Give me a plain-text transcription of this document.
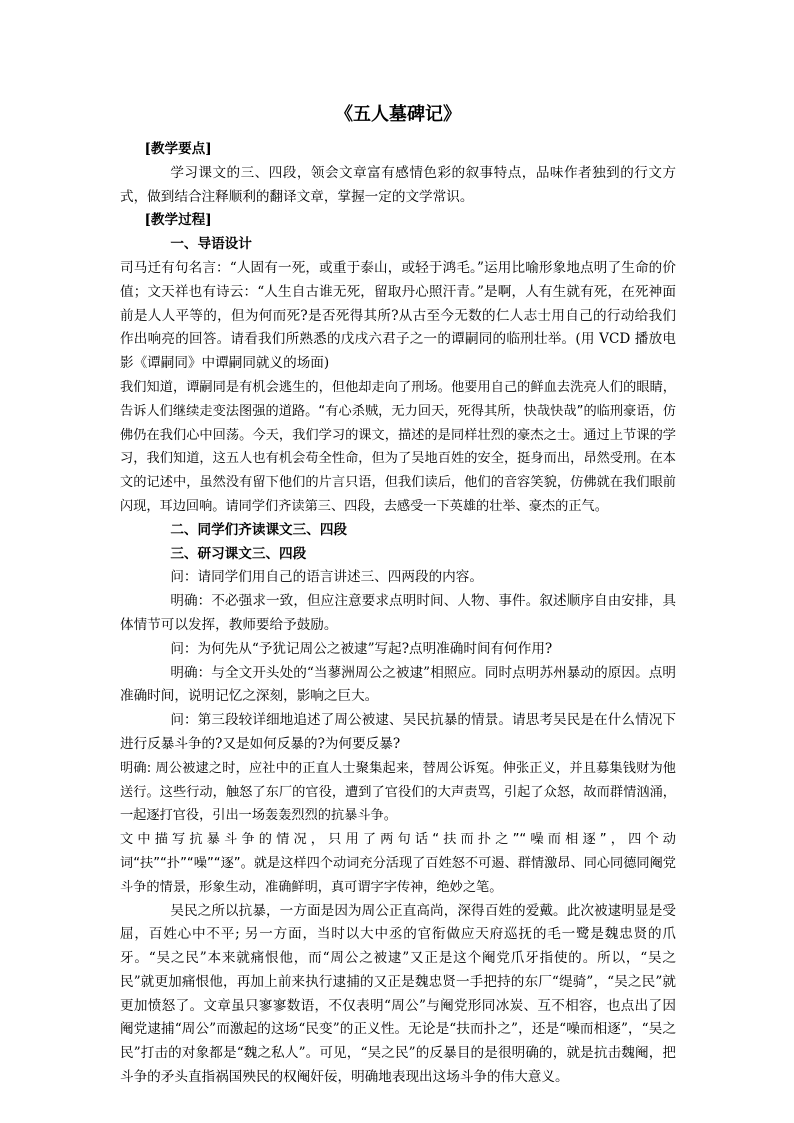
《五人墓碑记》

[教学要点]

学习课文的三、四段，领会文章富有感情色彩的叙事特点，品味作者独到的行文方式，做到结合注释顺利的翻译文章，掌握一定的文学常识。

[教学过程]

一、导语设计

司马迁有句名言：“人固有一死，或重于泰山，或轻于鸿毛。”运用比喻形象地点明了生命的价值；文天祥也有诗云：“人生自古谁无死，留取丹心照汗青。”是啊，人有生就有死，在死神面前是人人平等的，但为何而死?是否死得其所?从古至今无数的仁人志士用自己的行动给我们作出响亮的回答。请看我们所熟悉的戊戌六君子之一的谭嗣同的临刑壮举。(用 VCD 播放电影《谭嗣同》中谭嗣同就义的场面)

我们知道，谭嗣同是有机会逃生的，但他却走向了刑场。他要用自己的鲜血去洗亮人们的眼睛，告诉人们继续走变法图强的道路。“有心杀贼，无力回天，死得其所，快哉快哉”的临刑豪语，仿佛仍在我们心中回荡。今天，我们学习的课文，描述的是同样壮烈的豪杰之士。通过上节课的学习，我们知道，这五人也有机会苟全性命，但为了吴地百姓的安全，挺身而出，昂然受刑。在本文的记述中，虽然没有留下他们的片言只语，但我们读后，他们的音容笑貌，仿佛就在我们眼前闪现，耳边回响。请同学们齐读第三、四段，去感受一下英雄的壮举、豪杰的正气。

二、同学们齐读课文三、四段

三、研习课文三、四段

问：请同学们用自己的语言讲述三、四两段的内容。

明确：不必强求一致，但应注意要求点明时间、人物、事件。叙述顺序自由安排，具体情节可以发挥，教师要给予鼓励。

问：为何先从“予犹记周公之被逮”写起?点明准确时间有何作用?

明确：与全文开头处的“当蓼洲周公之被逮”相照应。同时点明苏州暴动的原因。点明准确时间，说明记忆之深刻，影响之巨大。

问：第三段较详细地追述了周公被逮、吴民抗暴的情景。请思考吴民是在什么情况下进行反暴斗争的?又是如何反暴的?为何要反暴?

明确: 周公被逮之时，应社中的正直人士聚集起来，替周公诉冤。伸张正义，并且募集钱财为他送行。这些行动，触怒了东厂的官役，遭到了官役们的大声责骂，引起了众怒，故而群情汹涌，一起逐打官役，引出一场轰轰烈烈的抗暴斗争。

文中描写抗暴斗争的情况，只用了两句话“扶而扑之”“噪而相逐”，四个动词“扶”“扑”“噪”“逐”。就是这样四个动词充分活现了百姓怒不可遏、群情激昂、同心同德同阉党斗争的情景，形象生动，准确鲜明，真可谓字字传神，绝妙之笔。

吴民之所以抗暴，一方面是因为周公正直高尚，深得百姓的爱戴。此次被逮明显是受屈，百姓心中不平; 另一方面，当时以大中丞的官衔做应天府巡抚的毛一鹭是魏忠贤的爪牙。“吴之民”本来就痛恨他，而“周公之被逮”又正是这个阉党爪牙指使的。所以，“吴之民”就更加痛恨他，再加上前来执行逮捕的又正是魏忠贤一手把持的东厂“缇骑”，“吴之民”就更加愤怒了。文章虽只寥寥数语，不仅表明“周公”与阉党形同冰炭、互不相容，也点出了因阉党逮捕“周公”而激起的这场“民变”的正义性。无论是“扶而扑之”，还是“噪而相逐”，“吴之民”打击的对象都是“魏之私人”。可见，“吴之民”的反暴目的是很明确的，就是抗击魏阉，把斗争的矛头直指祸国殃民的权阉奸佞，明确地表现出这场斗争的伟大意义。
